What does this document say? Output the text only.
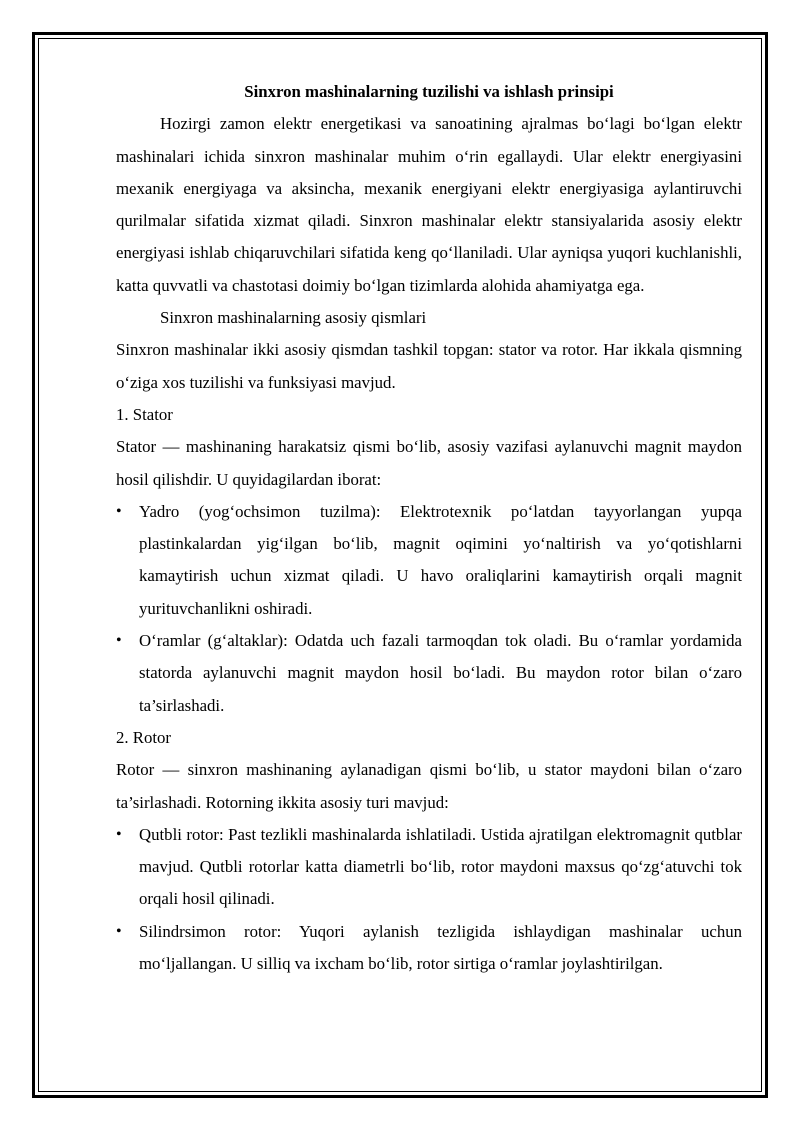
Sinxron mashinalarning tuzilishi va ishlash prinsipi

Hozirgi zamon elektr energetikasi va sanoatining ajralmas bo‘lagi bo‘lgan elektr mashinalari ichida sinxron mashinalar muhim o‘rin egallaydi. Ular elektr energiyasini mexanik energiyaga va aksincha, mexanik energiyani elektr energiyasiga aylantiruvchi qurilmalar sifatida xizmat qiladi. Sinxron mashinalar elektr stansiyalarida asosiy elektr energiyasi ishlab chiqaruvchilari sifatida keng qo‘llaniladi. Ular ayniqsa yuqori kuchlanishli, katta quvvatli va chastotasi doimiy bo‘lgan tizimlarda alohida ahamiyatga ega.

Sinxron mashinalarning asosiy qismlari

Sinxron mashinalar ikki asosiy qismdan tashkil topgan: stator va rotor. Har ikkala qismning o‘ziga xos tuzilishi va funksiyasi mavjud.

1. Stator

Stator — mashinaning harakatsiz qismi bo‘lib, asosiy vazifasi aylanuvchi magnit maydon hosil qilishdir. U quyidagilardan iborat:

• Yadro (yog‘ochsimon tuzilma): Elektrotexnik po‘latdan tayyorlangan yupqa plastinkalardan yig‘ilgan bo‘lib, magnit oqimini yo‘naltirish va yo‘qotishlarni kamaytirish uchun xizmat qiladi. U havo oraliqlarini kamaytirish orqali magnit yurituvchanlikni oshiradi.
• O‘ramlar (g‘altaklar): Odatda uch fazali tarmoqdan tok oladi. Bu o‘ramlar yordamida statorda aylanuvchi magnit maydon hosil bo‘ladi. Bu maydon rotor bilan o‘zaro ta’sirlashadi.

2. Rotor

Rotor — sinxron mashinaning aylanadigan qismi bo‘lib, u stator maydoni bilan o‘zaro ta’sirlashadi. Rotorning ikkita asosiy turi mavjud:

• Qutbli rotor: Past tezlikli mashinalarda ishlatiladi. Ustida ajratilgan elektromagnit qutblar mavjud. Qutbli rotorlar katta diametrli bo‘lib, rotor maydoni maxsus qo‘zg‘atuvchi tok orqali hosil qilinadi.
• Silindrsimon rotor: Yuqori aylanish tezligida ishlaydigan mashinalar uchun mo‘ljallangan. U silliq va ixcham bo‘lib, rotor sirtiga o‘ramlar joylashtirilgan.
